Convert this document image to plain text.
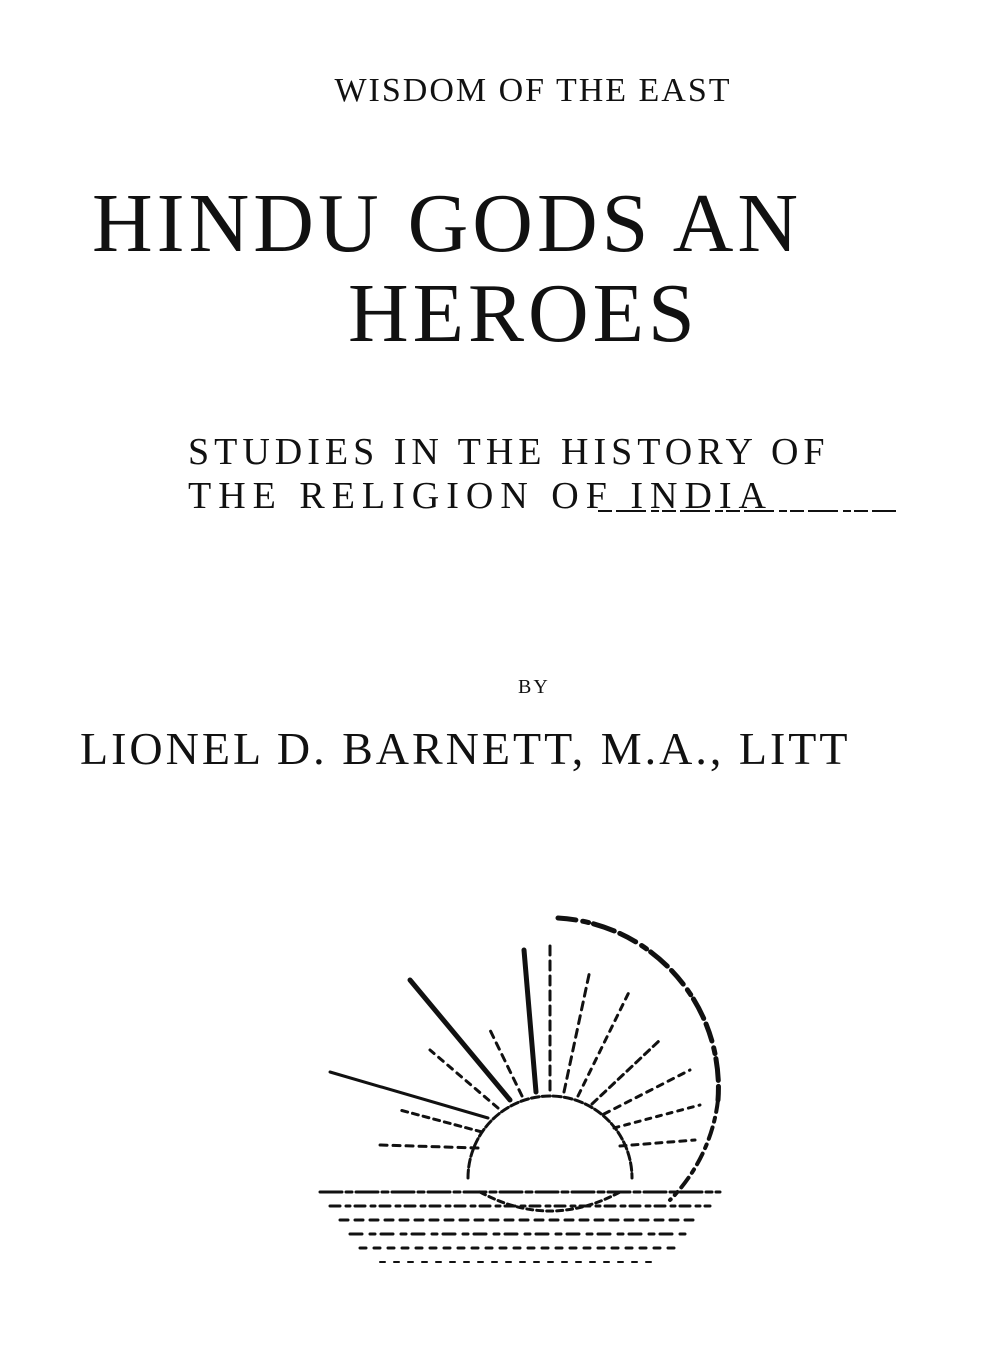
WISDOM OF THE EAST
HINDU GODS AN
HEROES
STUDIES IN THE HISTORY OF
THE RELIGION OF INDIA
BY
LIONEL D. BARNETT, M.A., LITT
